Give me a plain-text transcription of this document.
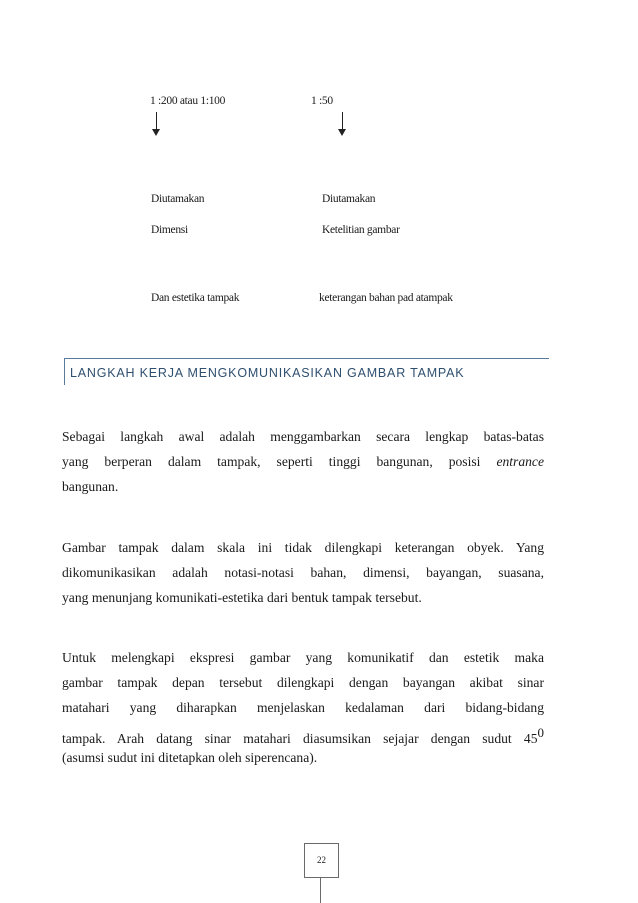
1 :200 atau 1:100	1 :50
Diutamakan
Dimensi
Dan estetika tampak
Diutamakan
Ketelitian gambar
keterangan bahan pad atampak
LANGKAH KERJA MENGKOMUNIKASIKAN GAMBAR TAMPAK
Sebagai langkah awal adalah menggambarkan secara lengkap batas-batas
yang berperan dalam tampak, seperti tinggi bangunan, posisi entrance
bangunan.
Gambar tampak dalam skala ini tidak dilengkapi keterangan obyek. Yang
dikomunikasikan adalah notasi-notasi bahan, dimensi, bayangan, suasana,
yang menunjang komunikati-estetika dari bentuk tampak tersebut.
Untuk melengkapi ekspresi gambar yang komunikatif dan estetik maka
gambar tampak depan tersebut dilengkapi dengan bayangan akibat sinar
matahari yang diharapkan menjelaskan kedalaman dari bidang-bidang
tampak. Arah datang sinar matahari diasumsikan sejajar dengan sudut $45^0$
(asumsi sudut ini ditetapkan oleh siperencana).
22
